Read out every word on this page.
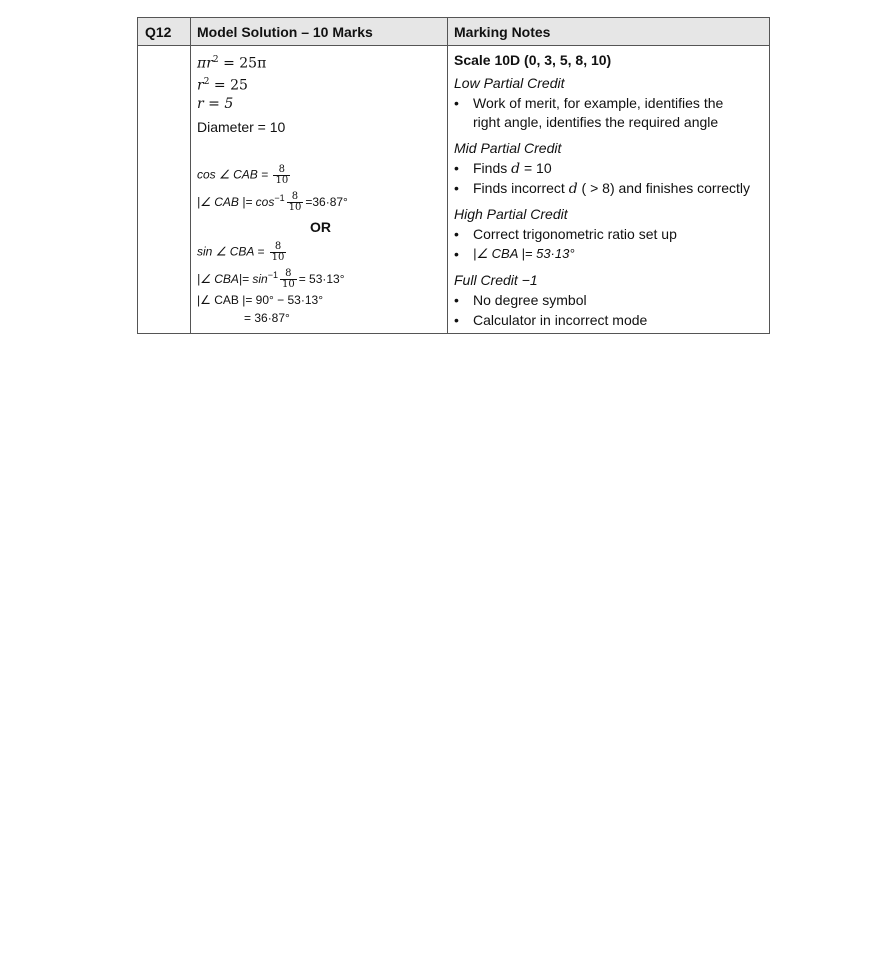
Q12 Model Solution – 10 Marks	Marking Notes
$\pi r^2 = 25\pi$
$r^2 = 25$
r = 5
Diameter = 10
cos ∠ CAB = $\frac{8}{10}$
|∠ CAB |= $\cos^{-1} \frac{8}{10} =36\cdot 87^\circ$
OR
sin ∠ CBA = $\frac{8}{10}$
|∠ $CBA|= \sin^{-1} \frac{8}{10} = 53\cdot 13^\circ$
|∠ CAB |= 90° − 53·13°
= 36·87°
Scale 10D (0, 3, 5, 8, 10)
Low Partial Credit
• Work of merit, for example, identifies the
right angle, identifies the required angle
Mid Partial Credit
• Finds d = 10
• Finds incorrect d ( > 8) and finishes correctly
High Partial Credit
• Correct trigonometric ratio set up
• |∠ CBA |= 53·13°
Full Credit −1
• No degree symbol
• Calculator in incorrect mode
